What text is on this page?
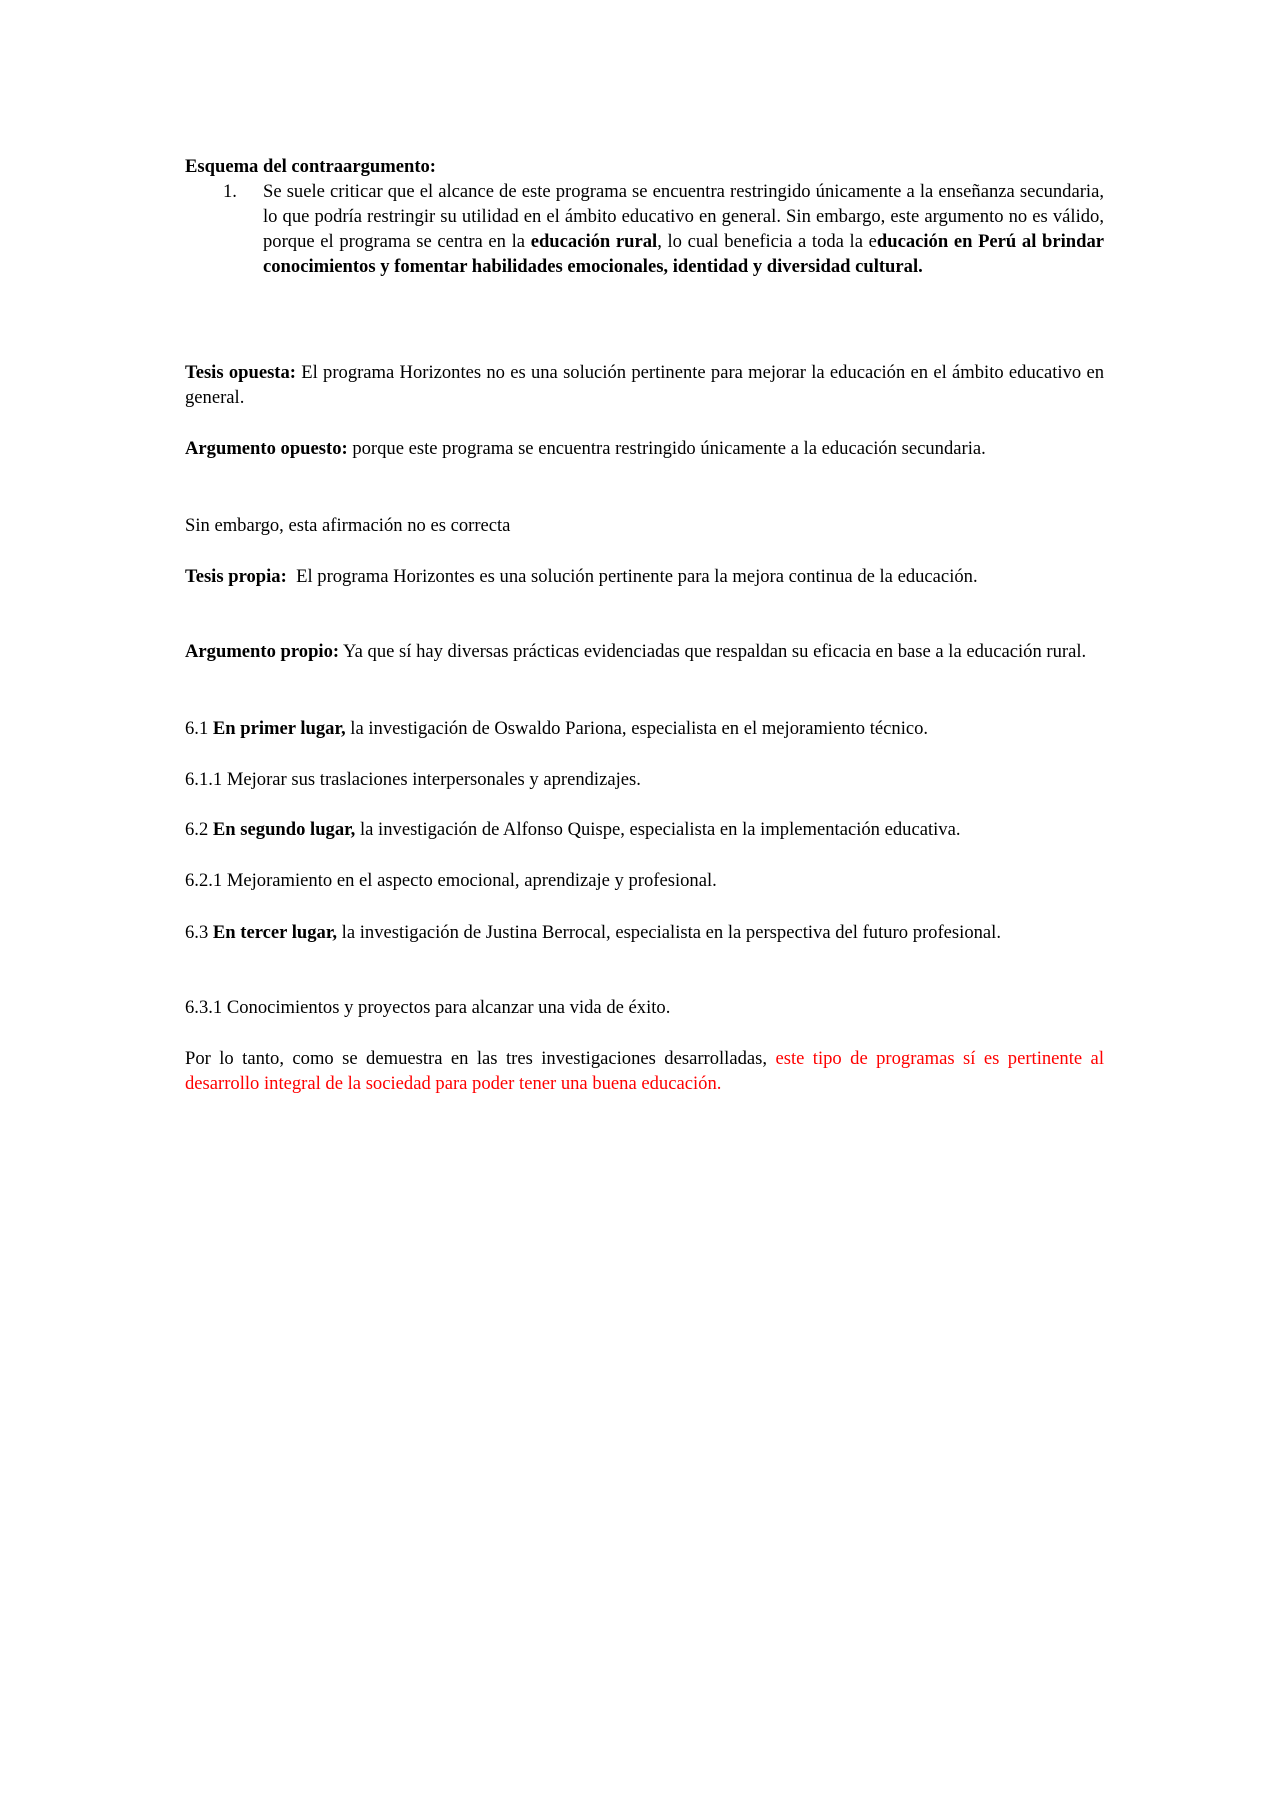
Esquema del contraargumento:

1. Se suele criticar que el alcance de este programa se encuentra restringido únicamente a la enseñanza secundaria, lo que podría restringir su utilidad en el ámbito educativo en general. Sin embargo, este argumento no es válido, porque el programa se centra en la educación rural, lo cual beneficia a toda la educación en Perú al brindar conocimientos y fomentar habilidades emocionales, identidad y diversidad cultural.

Tesis opuesta: El programa Horizontes no es una solución pertinente para mejorar la educación en el ámbito educativo en general.

Argumento opuesto: porque este programa se encuentra restringido únicamente a la educación secundaria.

Sin embargo, esta afirmación no es correcta

Tesis propia:  El programa Horizontes es una solución pertinente para la mejora continua de la educación.

Argumento propio: Ya que sí hay diversas prácticas evidenciadas que respaldan su eficacia en base a la educación rural.

6.1 En primer lugar, la investigación de Oswaldo Pariona, especialista en el mejoramiento técnico.

6.1.1 Mejorar sus traslaciones interpersonales y aprendizajes.

6.2 En segundo lugar, la investigación de Alfonso Quispe, especialista en la implementación educativa.

6.2.1 Mejoramiento en el aspecto emocional, aprendizaje y profesional.

6.3 En tercer lugar, la investigación de Justina Berrocal, especialista en la perspectiva del futuro profesional.

6.3.1 Conocimientos y proyectos para alcanzar una vida de éxito.

Por lo tanto, como se demuestra en las tres investigaciones desarrolladas, este tipo de programas sí es pertinente al desarrollo integral de la sociedad para poder tener una buena educación.
